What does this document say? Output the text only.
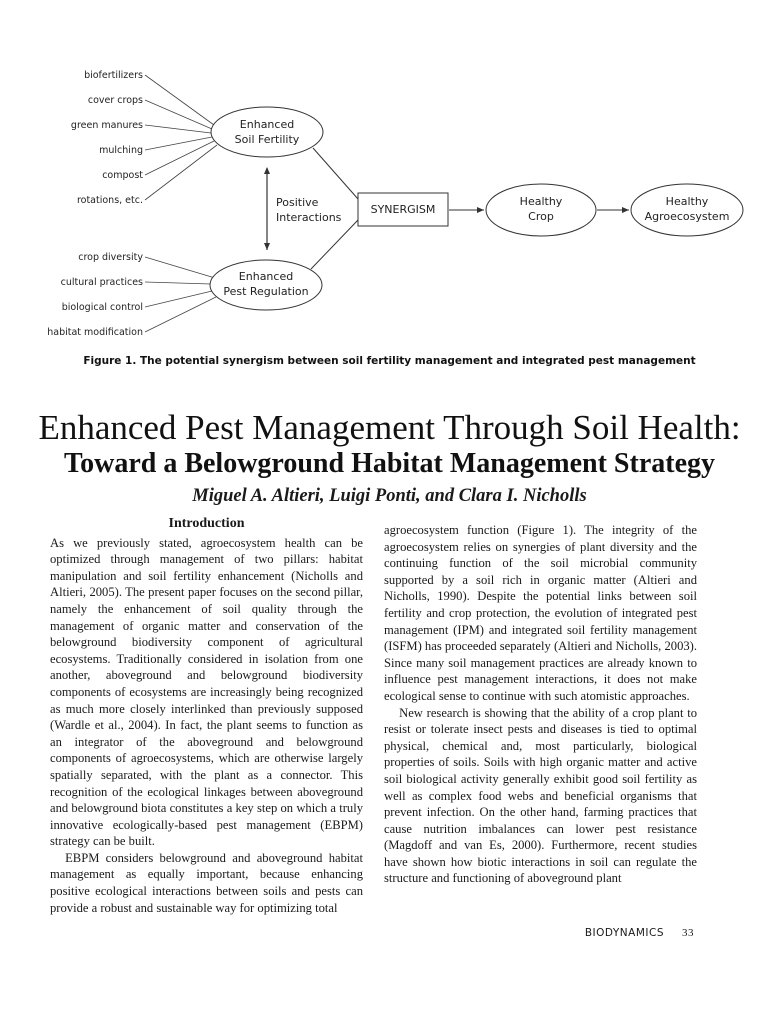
biofertilizers
cover crops
green manures
mulching
compost
rotations, etc.
crop diversity
cultural practices
biological control
habitat modification
Enhanced
Soil Fertility
Enhanced
Pest Regulation
Positive
Interactions
SYNERGISM
Healthy
Crop
Healthy
Agroecosystem
Figure 1. The potential synergism between soil fertility management and integrated pest management
Enhanced Pest Management Through Soil Health:
Toward a Belowground Habitat Management Strategy
Miguel A. Altieri, Luigi Ponti, and Clara I. Nicholls
Introduction

As we previously stated, agroecosystem health can be optimized through management of two pillars: habitat manipulation and soil fertility enhancement (Nicholls and Altieri, 2005). The present paper focuses on the second pillar, namely the enhancement of soil quality through the management of organic matter and conservation of the belowground biodiversity component of agricultural ecosystems. Traditionally considered in isolation from one another, aboveground and belowground biodiversity components of ecosystems are increasingly being recognized as much more closely interlinked than previously supposed (Wardle et al., 2004). In fact, the plant seems to function as an integrator of the aboveground and belowground components of agroecosystems, which are otherwise largely spatially separated, with the plant as a connector. This recognition of the ecological linkages between aboveground and belowground biota constitutes a key step on which a truly innovative ecologically-based pest management (EBPM) strategy can be built.

EBPM considers belowground and aboveground habitat management as equally important, because enhancing positive ecological interactions between soils and pests can provide a robust and sustainable way for optimizing total

agroecosystem function (Figure 1). The integrity of the agroecosystem relies on synergies of plant diversity and the continuing function of the soil microbial community supported by a soil rich in organic matter (Altieri and Nicholls, 1990). Despite the potential links between soil fertility and crop protection, the evolution of integrated pest management (IPM) and integrated soil fertility management (ISFM) has proceeded separately (Altieri and Nicholls, 2003). Since many soil management practices are already known to influence pest management interactions, it does not make ecological sense to continue with such atomistic approaches.

New research is showing that the ability of a crop plant to resist or tolerate insect pests and diseases is tied to optimal physical, chemical and, most particularly, biological properties of soils. Soils with high organic matter and active soil biological activity generally exhibit good soil fertility as well as complex food webs and beneficial organisms that prevent infection. On the other hand, farming practices that cause nutrition imbalances can lower pest resistance (Magdoff and van Es, 2000). Furthermore, recent studies have shown how biotic interactions in soil can regulate the structure and functioning of aboveground plant

BIODYNAMICS 33
